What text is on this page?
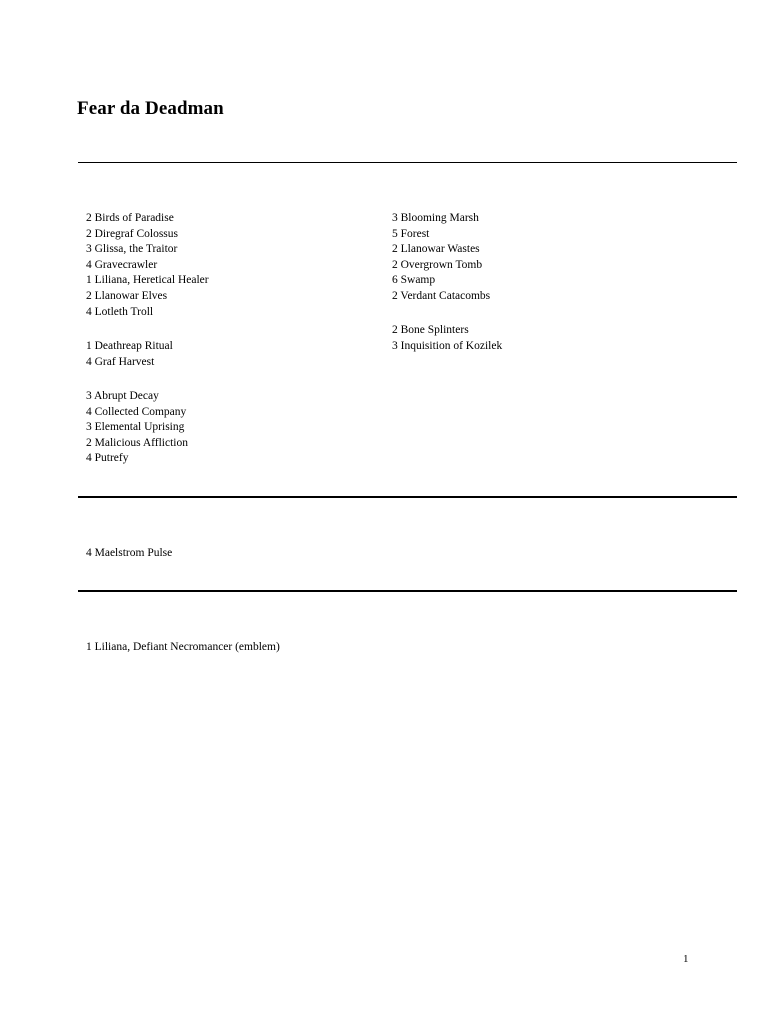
Fear da Deadman
2 Birds of Paradise
2 Diregraf Colossus
3 Glissa, the Traitor
4 Gravecrawler
1 Liliana, Heretical Healer
2 Llanowar Elves
4 Lotleth Troll
1 Deathreap Ritual
4 Graf Harvest
3 Abrupt Decay
4 Collected Company
3 Elemental Uprising
2 Malicious Affliction
4 Putrefy
3 Blooming Marsh
5 Forest
2 Llanowar Wastes
2 Overgrown Tomb
6 Swamp
2 Verdant Catacombs
2 Bone Splinters
3 Inquisition of Kozilek
4 Maelstrom Pulse
1 Liliana, Defiant Necromancer (emblem)
1
